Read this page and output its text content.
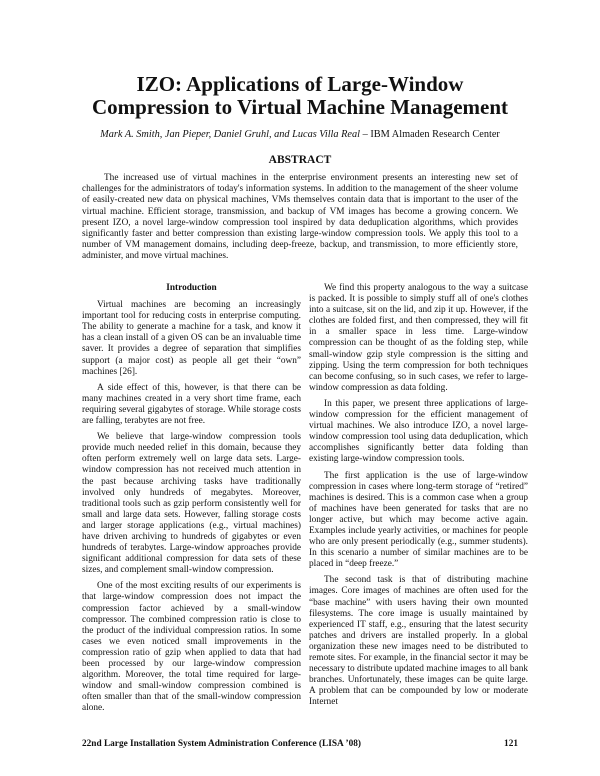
IZO: Applications of Large-Window
Compression to Virtual Machine Management
Mark A. Smith, Jan Pieper, Daniel Gruhl, and Lucas Villa Real – IBM Almaden Research Center
ABSTRACT

The increased use of virtual machines in the enterprise environment presents an interesting new set of challenges for the administrators of today's information systems. In addition to the management of the sheer volume of easily-created new data on physical machines, VMs themselves contain data that is important to the user of the virtual machine. Efficient storage, transmission, and backup of VM images has become a growing concern. We present IZO, a novel large-window compression tool inspired by data deduplication algorithms, which provides significantly faster and better compression than existing large-window compression tools. We apply this tool to a number of VM management domains, including deep-freeze, backup, and transmission, to more efficiently store, administer, and move virtual machines.

Introduction

Virtual machines are becoming an increasingly important tool for reducing costs in enterprise computing. The ability to generate a machine for a task, and know it has a clean install of a given OS can be an invaluable time saver. It provides a degree of separation that simplifies support (a major cost) as people all get their “own” machines [26].

A side effect of this, however, is that there can be many machines created in a very short time frame, each requiring several gigabytes of storage. While storage costs are falling, terabytes are not free.

We believe that large-window compression tools provide much needed relief in this domain, because they often perform extremely well on large data sets. Large-window compression has not received much attention in the past because archiving tasks have traditionally involved only hundreds of megabytes. Moreover, traditional tools such as gzip perform consistently well for small and large data sets. However, falling storage costs and larger storage applications (e.g., virtual machines) have driven archiving to hundreds of gigabytes or even hundreds of terabytes. Large-window approaches provide significant additional compression for data sets of these sizes, and complement small-window compression.

One of the most exciting results of our experiments is that large-window compression does not impact the compression factor achieved by a small-window compressor. The combined compression ratio is close to the product of the individual compression ratios. In some cases we even noticed small improvements in the compression ratio of gzip when applied to data that had been processed by our large-window compression algorithm. Moreover, the total time required for large-window and small-window compression combined is often smaller than that of the small-window compression alone.

We find this property analogous to the way a suitcase is packed. It is possible to simply stuff all of one's clothes into a suitcase, sit on the lid, and zip it up. However, if the clothes are folded first, and then compressed, they will fit in a smaller space in less time. Large-window compression can be thought of as the folding step, while small-window gzip style compression is the sitting and zipping. Using the term compression for both techniques can become confusing, so in such cases, we refer to large-window compression as data folding.

In this paper, we present three applications of large-window compression for the efficient management of virtual machines. We also introduce IZO, a novel large-window compression tool using data deduplication, which accomplishes significantly better data folding than existing large-window compression tools.

The first application is the use of large-window compression in cases where long-term storage of “retired” machines is desired. This is a common case when a group of machines have been generated for tasks that are no longer active, but which may become active again. Examples include yearly activities, or machines for people who are only present periodically (e.g., summer students). In this scenario a number of similar machines are to be placed in “deep freeze.”

The second task is that of distributing machine images. Core images of machines are often used for the “base machine” with users having their own mounted filesystems. The core image is usually maintained by experienced IT staff, e.g., ensuring that the latest security patches and drivers are installed properly. In a global organization these new images need to be distributed to remote sites. For example, in the financial sector it may be necessary to distribute updated machine images to all bank branches. Unfortunately, these images can be quite large. A problem that can be compounded by low or moderate Internet

22nd Large Installation System Administration Conference (LISA ’08)	121
